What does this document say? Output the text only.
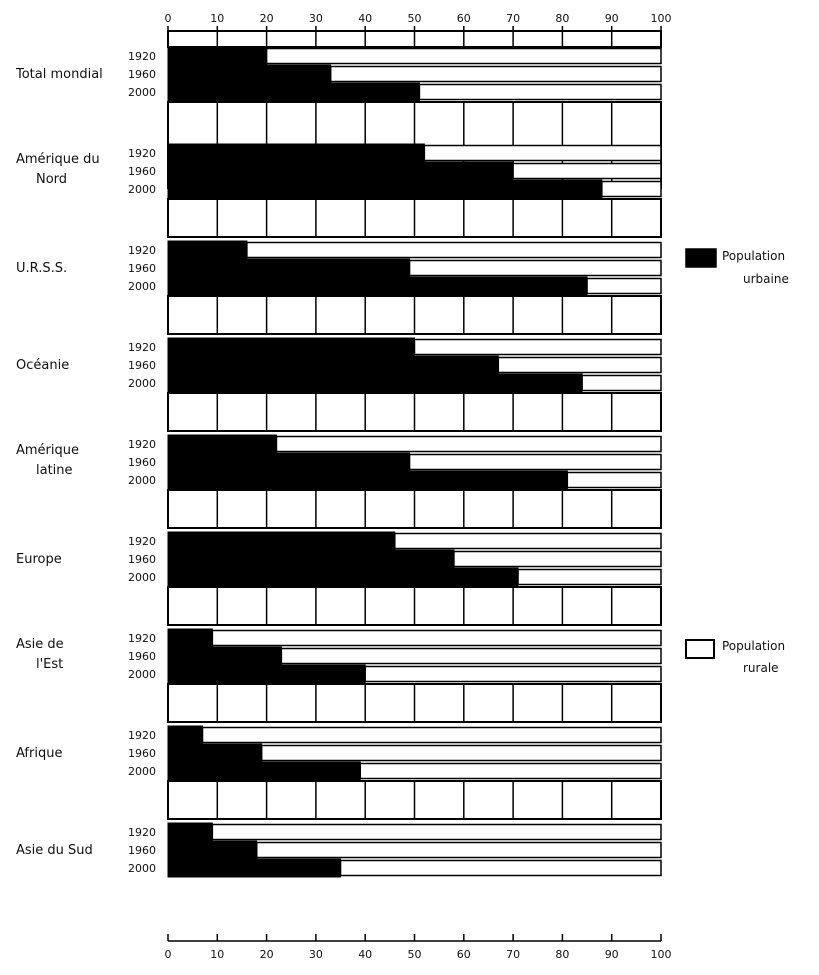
0
0
10
10
20
20
30
30
40
40
50
50
60
60
70
70
80
80
90
90
100
100
1920
1960
2000
Total mondial
1920
1960
2000
Amérique du
Nord
1920
1960
2000
U.R.S.S.
1920
1960
2000
Océanie
1920
1960
2000
Amérique
latine
1920
1960
2000
Europe
1920
1960
2000
Asie de
l'Est
1920
1960
2000
Afrique
1920
1960
2000
Asie du Sud
Population
urbaine
Population
rurale
